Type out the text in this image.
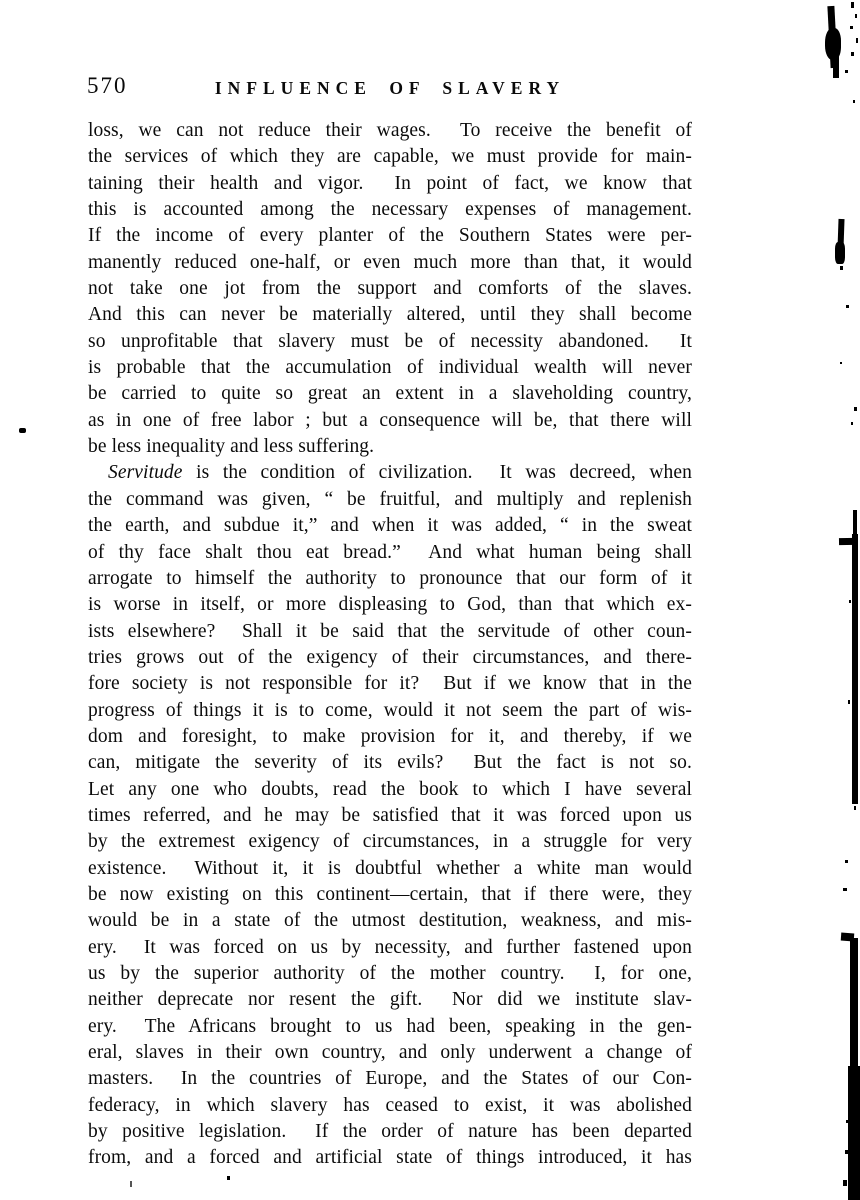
570	INFLUENCE OF SLAVERY
loss, we can not reduce their wages.  To receive the benefit of
the services of which they are capable, we must provide for main-
taining their health and vigor.  In point of fact, we know that
this is accounted among the necessary expenses of management.
If the income of every planter of the Southern States were per-
manently reduced one-half, or even much more than that, it would
not take one jot from the support and comforts of the slaves.
And this can never be materially altered, until they shall become
so unprofitable that slavery must be of necessity abandoned.  It
is probable that the accumulation of individual wealth will never
be carried to quite so great an extent in a slaveholding country,
as in one of free labor ; but a consequence will be, that there will
be less inequality and less suffering.
Servitude is the condition of civilization.  It was decreed, when
the command was given, “ be fruitful, and multiply and replenish
the earth, and subdue it,” and when it was added, “ in the sweat
of thy face shalt thou eat bread.”  And what human being shall
arrogate to himself the authority to pronounce that our form of it
is worse in itself, or more displeasing to God, than that which ex-
ists elsewhere?  Shall it be said that the servitude of other coun-
tries grows out of the exigency of their circumstances, and there-
fore society is not responsible for it?  But if we know that in the
progress of things it is to come, would it not seem the part of wis-
dom and foresight, to make provision for it, and thereby, if we
can, mitigate the severity of its evils?  But the fact is not so.
Let any one who doubts, read the book to which I have several
times referred, and he may be satisfied that it was forced upon us
by the extremest exigency of circumstances, in a struggle for very
existence.  Without it, it is doubtful whether a white man would
be now existing on this continent—certain, that if there were, they
would be in a state of the utmost destitution, weakness, and mis-
ery.  It was forced on us by necessity, and further fastened upon
us by the superior authority of the mother country.  I, for one,
neither deprecate nor resent the gift.  Nor did we institute slav-
ery.  The Africans brought to us had been, speaking in the gen-
eral, slaves in their own country, and only underwent a change of
masters.  In the countries of Europe, and the States of our Con-
federacy, in which slavery has ceased to exist, it was abolished
by positive legislation.  If the order of nature has been departed
from, and a forced and artificial state of things introduced, it has
